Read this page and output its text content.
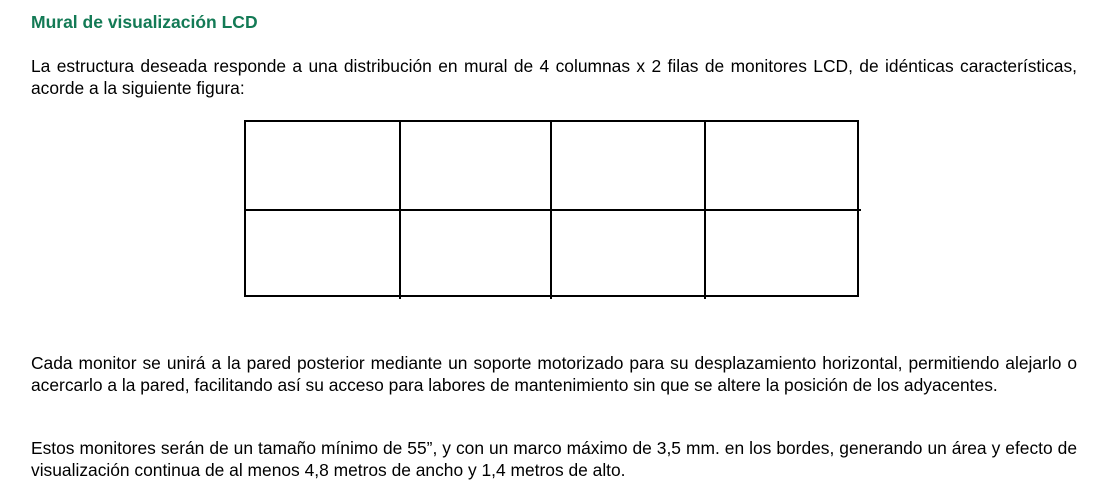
Mural de visualización LCD

La estructura deseada responde a una distribución en mural de 4 columnas x 2 filas de monitores LCD, de idénticas características, acorde a la siguiente figura:

Cada monitor se unirá a la pared posterior mediante un soporte motorizado para su desplazamiento horizontal, permitiendo alejarlo o acercarlo a la pared, facilitando así su acceso para labores de mantenimiento sin que se altere la posición de los adyacentes.

Estos monitores serán de un tamaño mínimo de 55”, y con un marco máximo de 3,5 mm. en los bordes, generando un área y efecto de visualización continua de al menos 4,8 metros de ancho y 1,4 metros de alto.
